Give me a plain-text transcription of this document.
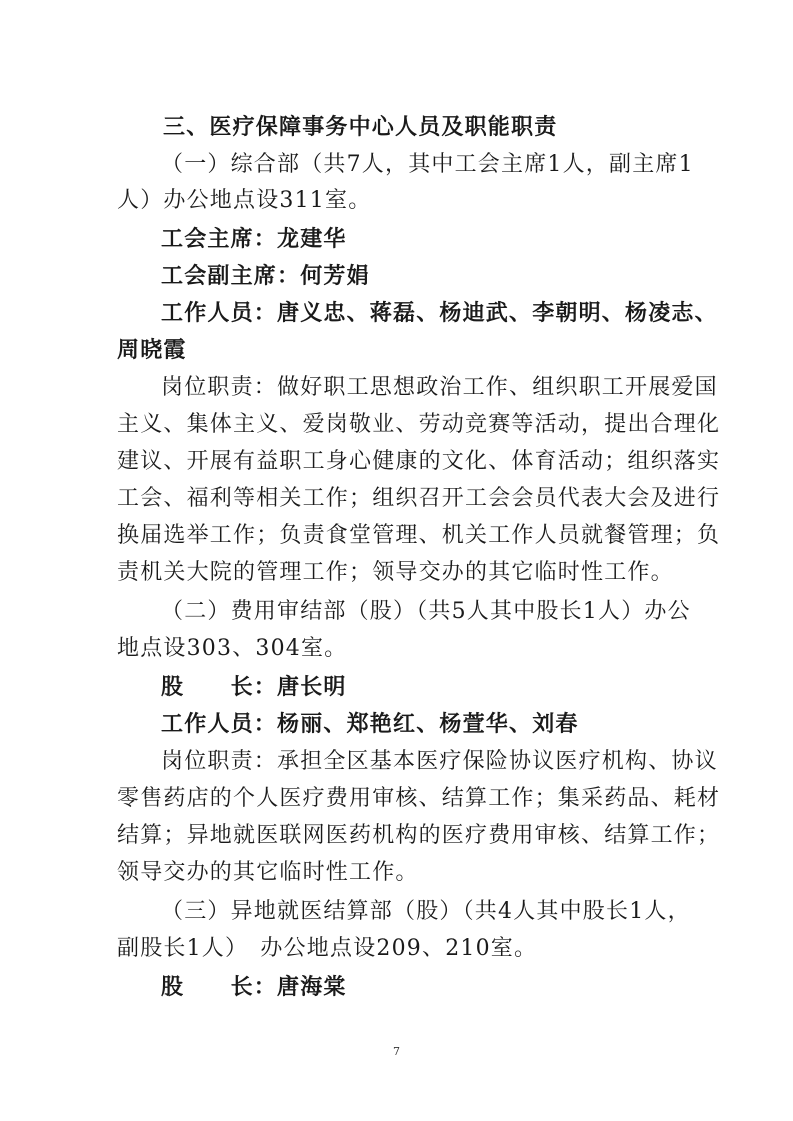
三、医疗保障事务中心人员及职能职责
（一）综合部（共7人，其中工会主席1人，副主席1
人）办公地点设311室。
工会主席：龙建华
工会副主席：何芳娟
工作人员：唐义忠、蒋磊、杨迪武、李朝明、杨凌志、
周晓霞
岗位职责：做好职工思想政治工作、组织职工开展爱国
主义、集体主义、爱岗敬业、劳动竞赛等活动，提出合理化
建议、开展有益职工身心健康的文化、体育活动；组织落实
工会、福利等相关工作；组织召开工会会员代表大会及进行
换届选举工作；负责食堂管理、机关工作人员就餐管理；负
责机关大院的管理工作；领导交办的其它临时性工作。
（二）费用审结部（股）（共5人其中股长1人）办公
地点设303、304室。
股　　长：唐长明
工作人员：杨丽、郑艳红、杨萱华、刘春
岗位职责：承担全区基本医疗保险协议医疗机构、协议
零售药店的个人医疗费用审核、结算工作；集采药品、耗材
结算；异地就医联网医药机构的医疗费用审核、结算工作；
领导交办的其它临时性工作。
（三）异地就医结算部（股）（共4人其中股长1人，
副股长1人）　办公地点设209、210室。
股　　长：唐海棠
7
